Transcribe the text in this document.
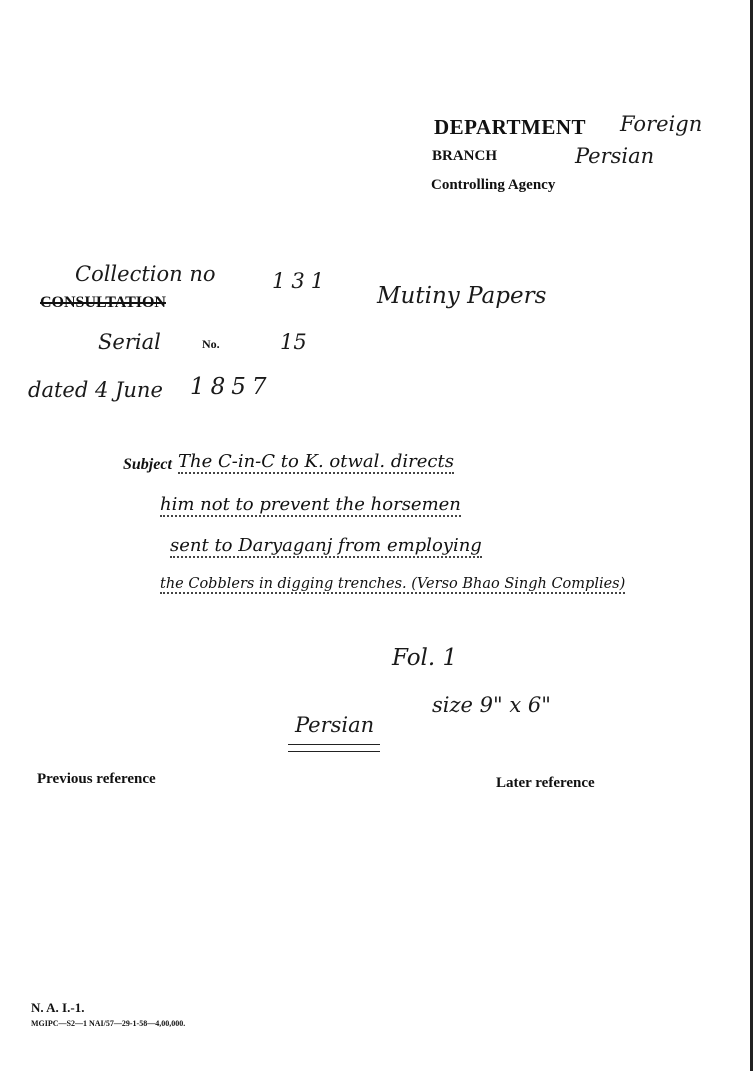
DEPARTMENT Foreign
BRANCH	Persian
Controlling Agency
Collection no	131
CONSULTATION	Mutiny Papers
Serial	No.	15
dated 4 June 1857
Subject The C-in-C to K. otwal. directs
him not to prevent the horsemen
sent to Daryaganj from employing
the Cobblers in digging trenches. (Verso Bhao Singh Complies)
Fol. 1
size 9" x 6"
Persian
Previous reference	Later reference
N. A. I.-1.
MGIPC—S2—1 NAI/57—29-1-58—4,00,000.
